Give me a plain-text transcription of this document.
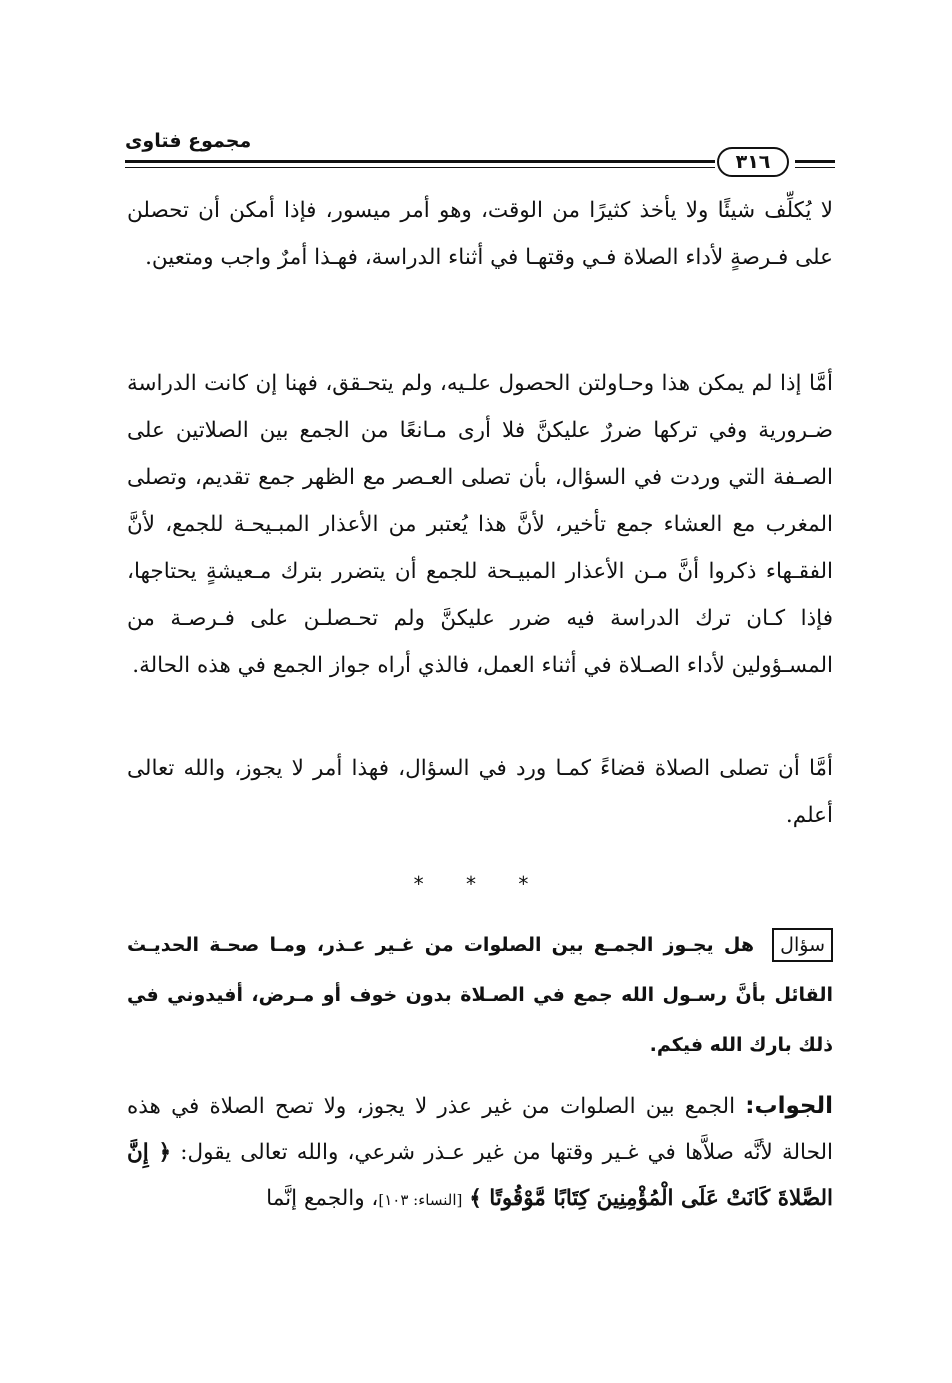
مجموع فتاوى
٣١٦

لا يُكلِّف شيئًا ولا يأخذ كثيرًا من الوقت، وهو أمر ميسور، فإذا أمكن أن تحصلن على فـرصةٍ لأداء الصلاة فـي وقتهـا في أثناء الدراسة، فهـذا أمرٌ واجب ومتعين.

أمَّا إذا لم يمكن هذا وحـاولتن الحصول علـيه، ولم يتحـقق، فهنا إن كانت الدراسة ضـرورية وفي تركها ضررٌ عليكنَّ فلا أرى مـانعًا من الجمع بين الصلاتين على الصـفة التي وردت في السؤال، بأن تصلى العـصر مع الظهر جمع تقديم، وتصلى المغرب مع العشاء جمع تأخير، لأنَّ هذا يُعتبر من الأعذار المبـيحـة للجمع، لأنَّ الفقـهاء ذكروا أنَّ مـن الأعذار المبيـحة للجمع أن يتضرر بترك مـعيشةٍ يحتاجها، فإذا كـان ترك الدراسة فيه ضرر عليكنَّ ولم تحـصلـن على فـرصـة من المسـؤولين لأداء الصـلاة في أثناء العمل، فالذي أراه جواز الجمع في هذه الحالة.

أمَّا أن تصلى الصلاة قضاءً كمـا ورد في السؤال، فهذا أمر لا يجوز، والله تعالى أعلم.

* * *

سؤال هل يجـوز الجمـع بين الصلوات من غـير عـذر، ومـا صحـة الحديـث القائل بأنَّ رسـول الله جمع في الصـلاة بدون خوف أو مـرض، أفيدوني في ذلك بارك الله فيكم.

الجواب: الجمع بين الصلوات من غير عذر لا يجوز، ولا تصح الصلاة في هذه الحالة لأنَّه صلاَّها في غـير وقتها من غير عـذر شرعي، والله تعالى يقول: ﴿ إِنَّ الصَّلاةَ كَانَتْ عَلَى الْمُؤْمِنِينَ كِتَابًا مَّوْقُوتًا ﴾ [النساء: ١٠٣]، والجمع إنَّما
